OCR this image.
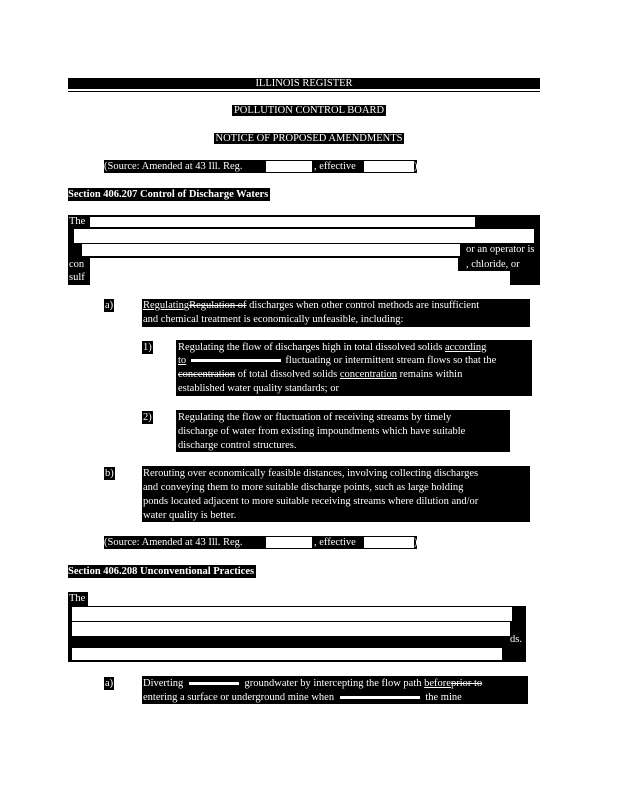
ILLINOIS REGISTER
POLLUTION CONTROL BOARD
NOTICE OF PROPOSED AMENDMENTS
(Source: Amended at 43 Ill. Reg.	, effective	)
Section 406.207 Control of Discharge Waters
The
or an operator is
con	, chloride, or
sulf
a)	RegulatingRegulation of discharges when other control methods are insufficient
and chemical treatment is economically unfeasible, including:
1)	Regulating the flow of discharges high in total dissolved solids according
to	fluctuating or intermittent stream flows so that the
concentration of total dissolved solids concentration remains within
established water quality standards; or
2)	Regulating the flow or fluctuation of receiving streams by timely
discharge of water from existing impoundments which have suitable
discharge control structures.
b)	Rerouting over economically feasible distances, involving collecting discharges
and conveying them to more suitable discharge points, such as large holding
ponds located adjacent to more suitable receiving streams where dilution and/or
water quality is better.
(Source: Amended at 43 Ill. Reg.	, effective	)
Section 406.208 Unconventional Practices
The
ds.
a)	Diverting	groundwater by intercepting the flow path beforeprior to
entering a surface or underground mine when	the mine
